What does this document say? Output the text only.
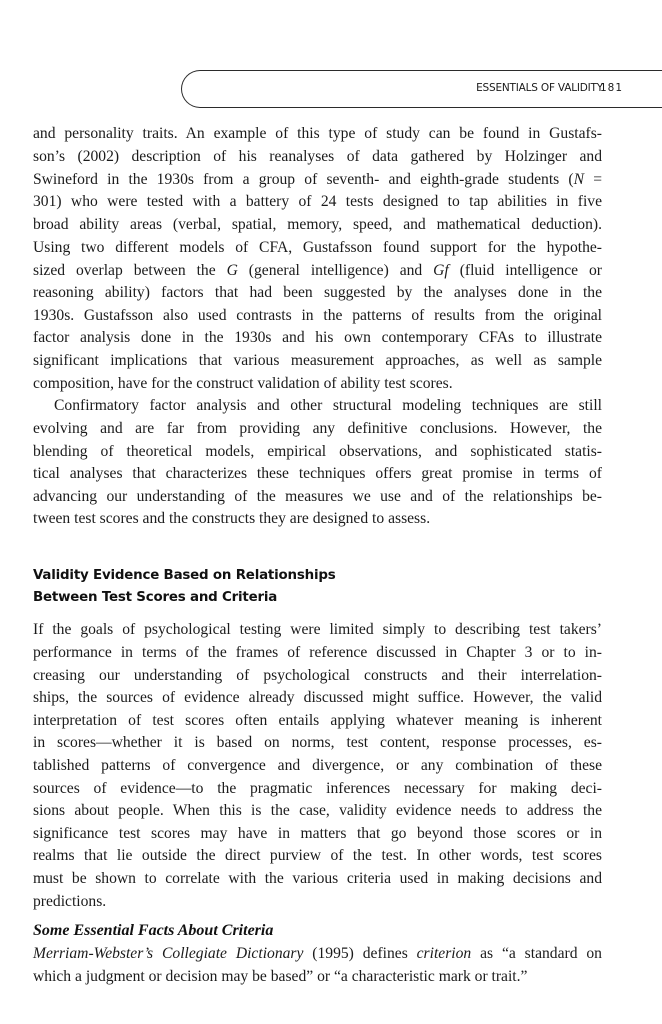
ESSENTIALS OF VALIDITY
181
and personality traits. An example of this type of study can be found in Gustafs-
son’s (2002) description of his reanalyses of data gathered by Holzinger and
Swineford in the 1930s from a group of seventh- and eighth-grade students (N =
301) who were tested with a battery of 24 tests designed to tap abilities in five
broad ability areas (verbal, spatial, memory, speed, and mathematical deduction).
Using two different models of CFA, Gustafsson found support for the hypothe-
sized overlap between the G (general intelligence) and Gf (fluid intelligence or
reasoning ability) factors that had been suggested by the analyses done in the
1930s. Gustafsson also used contrasts in the patterns of results from the original
factor analysis done in the 1930s and his own contemporary CFAs to illustrate
significant implications that various measurement approaches, as well as sample
composition, have for the construct validation of ability test scores.
Confirmatory factor analysis and other structural modeling techniques are still
evolving and are far from providing any definitive conclusions. However, the
blending of theoretical models, empirical observations, and sophisticated statis-
tical analyses that characterizes these techniques offers great promise in terms of
advancing our understanding of the measures we use and of the relationships be-
tween test scores and the constructs they are designed to assess.
Validity Evidence Based on Relationships
Between Test Scores and Criteria
If the goals of psychological testing were limited simply to describing test takers’
performance in terms of the frames of reference discussed in Chapter 3 or to in-
creasing our understanding of psychological constructs and their interrelation-
ships, the sources of evidence already discussed might suffice. However, the valid
interpretation of test scores often entails applying whatever meaning is inherent
in scores—whether it is based on norms, test content, response processes, es-
tablished patterns of convergence and divergence, or any combination of these
sources of evidence—to the pragmatic inferences necessary for making deci-
sions about people. When this is the case, validity evidence needs to address the
significance test scores may have in matters that go beyond those scores or in
realms that lie outside the direct purview of the test. In other words, test scores
must be shown to correlate with the various criteria used in making decisions and
predictions.
Some Essential Facts About Criteria
Merriam-Webster’s Collegiate Dictionary (1995) defines criterion as “a standard on
which a judgment or decision may be based” or “a characteristic mark or trait.”
